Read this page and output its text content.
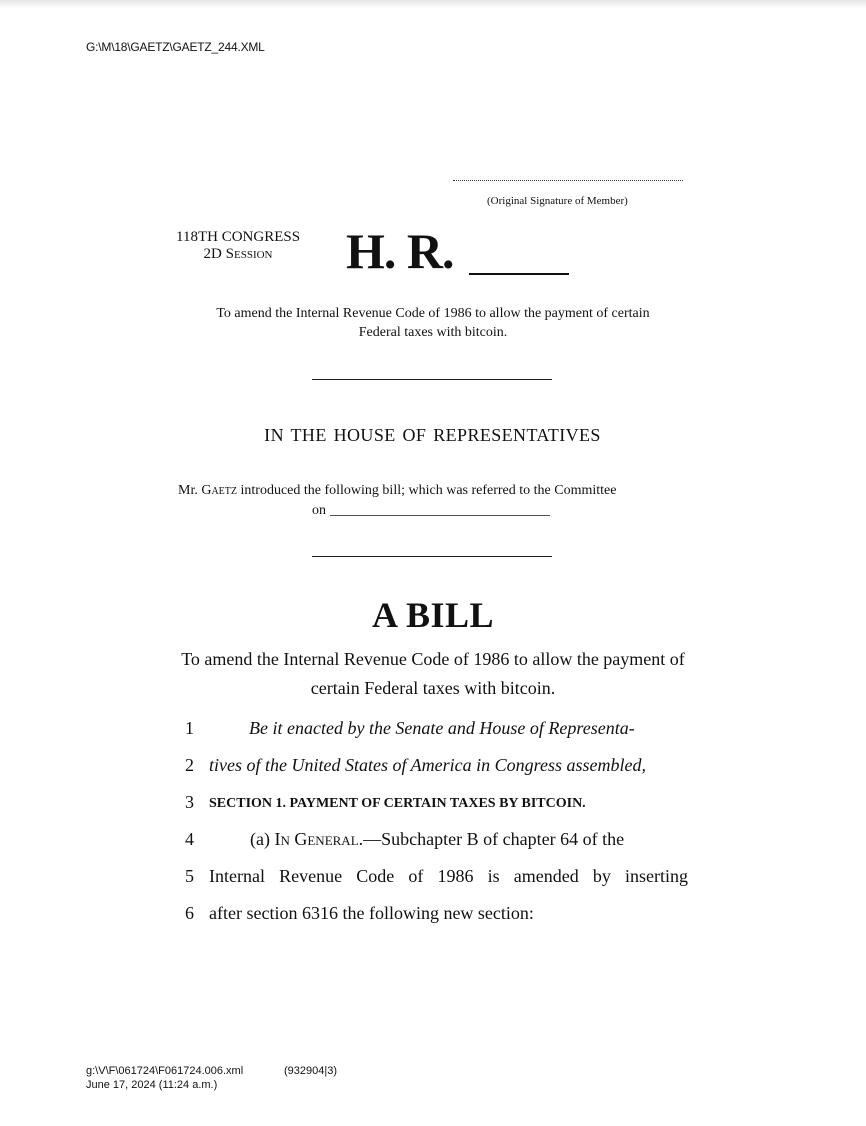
G:\M\18\GAETZ\GAETZ_244.XML
(Original Signature of Member)
118TH CONGRESS
2D Session	H. R.
To amend the Internal Revenue Code of 1986 to allow the payment of certain Federal taxes with bitcoin.
IN THE HOUSE OF REPRESENTATIVES
Mr. Gaetz introduced the following bill; which was referred to the Committee
on
A BILL
To amend the Internal Revenue Code of 1986 to allow the payment of certain Federal taxes with bitcoin.
1	Be it enacted by the Senate and House of Representa-
2 tives of the United States of America in Congress assembled,
3 SECTION 1. PAYMENT OF CERTAIN TAXES BY BITCOIN.
4	(a) In General.—Subchapter B of chapter 64 of the
5 Internal Revenue Code of 1986 is amended by inserting
6 after section 6316 the following new section:
g:\V\F\061724\F061724.006.xml	(932904|3)
June 17, 2024 (11:24 a.m.)
